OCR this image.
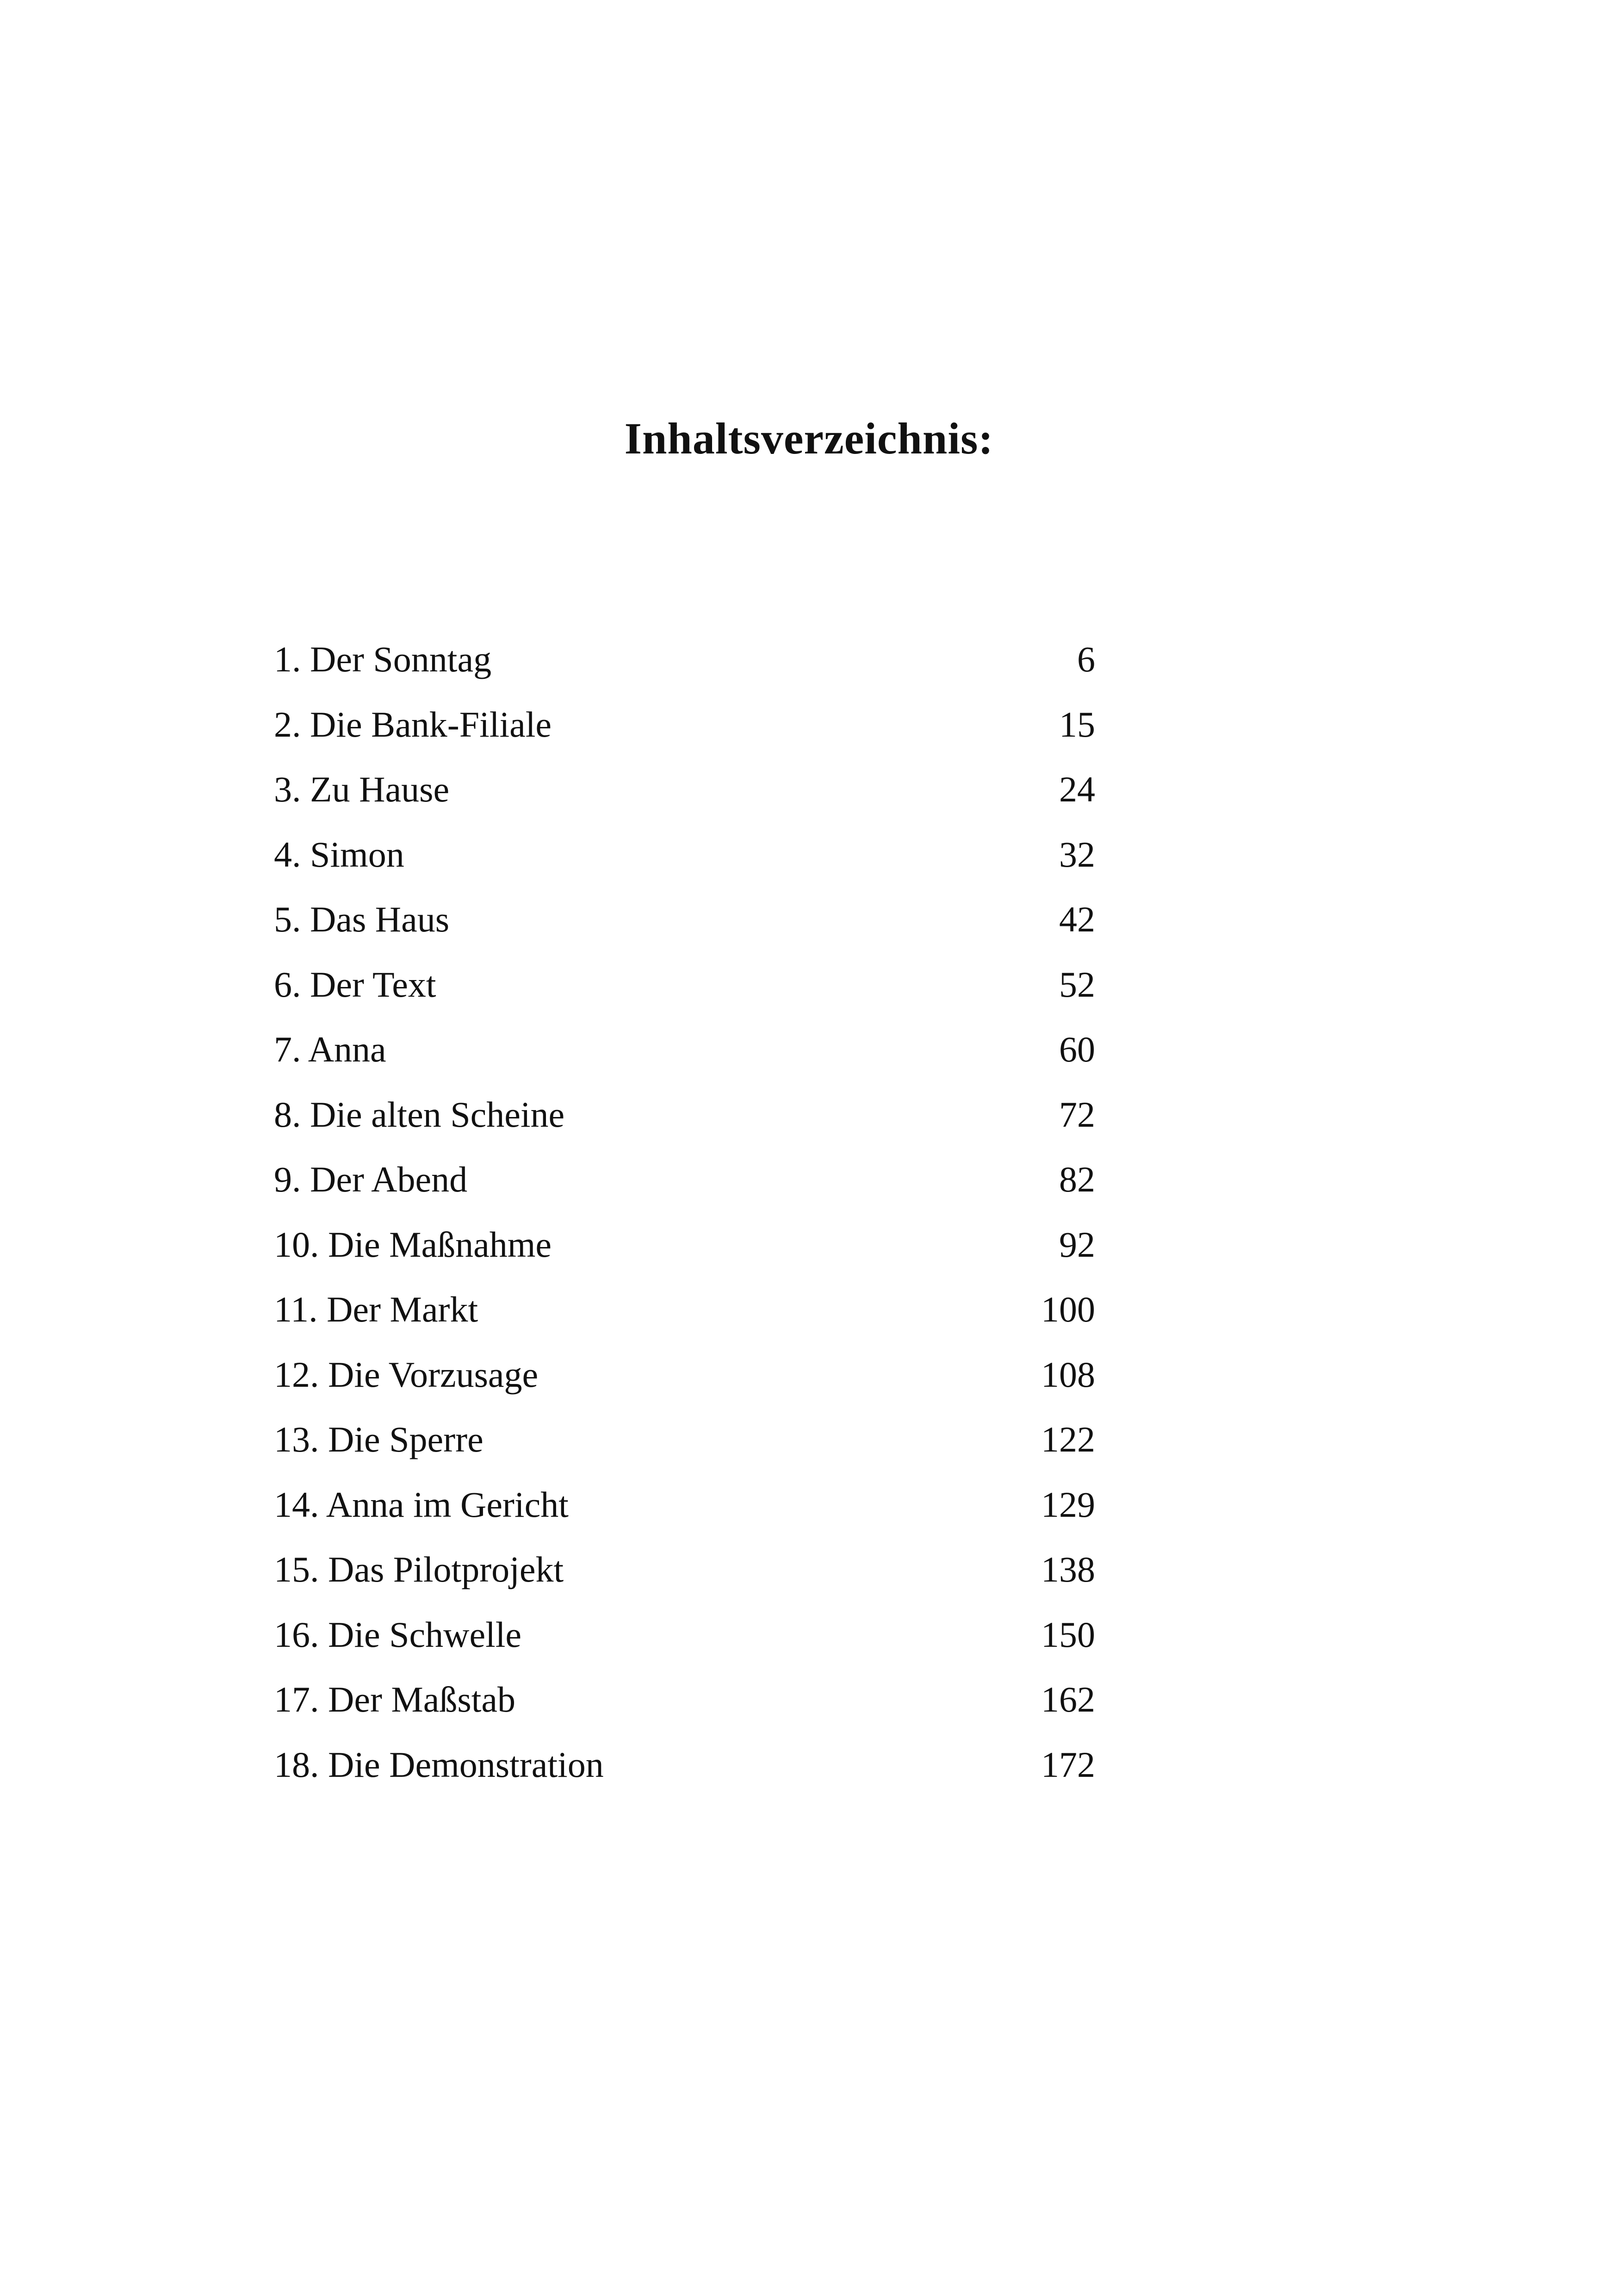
Inhaltsverzeichnis:
1. Der Sonntag	6
2. Die Bank-Filiale	15
3. Zu Hause	24
4. Simon	32
5. Das Haus	42
6. Der Text	52
7. Anna	60
8. Die alten Scheine	72
9. Der Abend	82
10. Die Maßnahme	92
11. Der Markt	100
12. Die Vorzusage	108
13. Die Sperre	122
14. Anna im Gericht	129
15. Das Pilotprojekt	138
16. Die Schwelle	150
17. Der Maßstab	162
18. Die Demonstration	172
